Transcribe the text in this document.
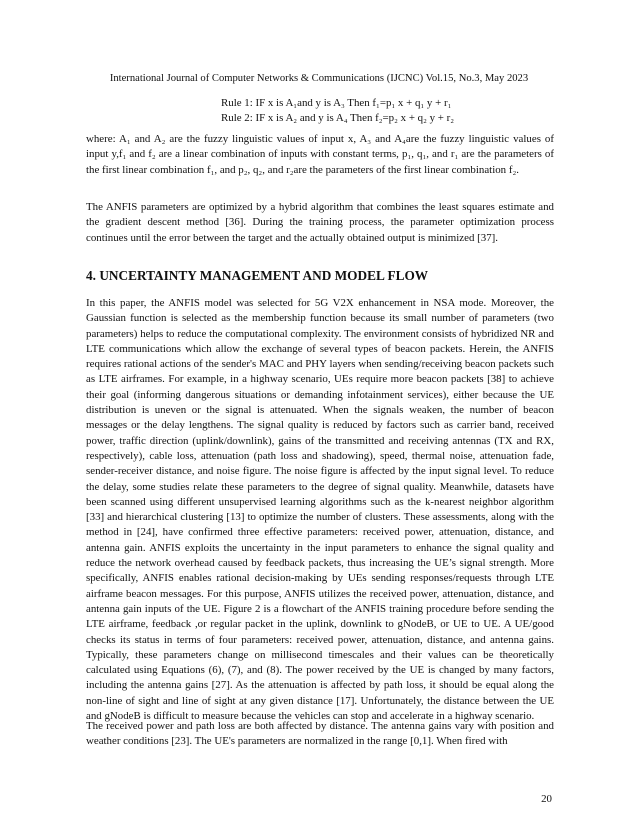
International Journal of Computer Networks & Communications (IJCNC) Vol.15, No.3, May 2023
Rule 1: IF x is A₁and y is A₃ Then f₁=p₁ x + q₁ y + r₁
Rule 2: IF x is A₂ and y is A₄ Then f₂=p₂ x + q₂ y + r₂

where: A₁ and A₂ are the fuzzy linguistic values of input x, A₃ and A₄are the fuzzy linguistic values of input y,f₁ and f₂ are a linear combination of inputs with constant terms, p₁, q₁, and r₁ are the parameters of the first linear combination f₁, and p₂, q₂, and r₂are the parameters of the first linear combination f₂.

The ANFIS parameters are optimized by a hybrid algorithm that combines the least squares estimate and the gradient descent method [36]. During the training process, the parameter optimization process continues until the error between the target and the actually obtained output is minimized [37].

4. UNCERTAINTY MANAGEMENT AND MODEL FLOW

In this paper, the ANFIS model was selected for 5G V2X enhancement in NSA mode. Moreover, the Gaussian function is selected as the membership function because its small number of parameters (two parameters) helps to reduce the computational complexity. The environment consists of hybridized NR and LTE communications which allow the exchange of several types of beacon packets. Herein, the ANFIS requires rational actions of the sender's MAC and PHY layers when sending/receiving beacon packets such as LTE airframes. For example, in a highway scenario, UEs require more beacon packets [38] to achieve their goal (informing dangerous situations or demanding infotainment services), either because the UE distribution is uneven or the signal is attenuated. When the signals weaken, the number of beacon messages or the delay lengthens. The signal quality is reduced by factors such as carrier band, received power, traffic direction (uplink/downlink), gains of the transmitted and receiving antennas (TX and RX, respectively), cable loss, attenuation (path loss and shadowing), speed, thermal noise, attenuation fade, sender-receiver distance, and noise figure. The noise figure is affected by the input signal level. To reduce the delay, some studies relate these parameters to the degree of signal quality. Meanwhile, datasets have been scanned using different unsupervised learning algorithms such as the k-nearest neighbor algorithm [33] and hierarchical clustering [13] to optimize the number of clusters. These assessments, along with the method in [24], have confirmed three effective parameters: received power, attenuation, distance, and antenna gain. ANFIS exploits the uncertainty in the input parameters to enhance the signal quality and reduce the network overhead caused by feedback packets, thus increasing the UE’s signal strength. More specifically, ANFIS enables rational decision-making by UEs sending responses/requests through LTE airframe beacon messages. For this purpose, ANFIS utilizes the received power, attenuation, distance, and antenna gain inputs of the UE. Figure 2 is a flowchart of the ANFIS training procedure before sending the LTE airframe, feedback ,or regular packet in the uplink, downlink to gNodeB, or UE to UE. A UE/good checks its status in terms of four parameters: received power, attenuation, distance, and antenna gains. Typically, these parameters change on millisecond timescales and their values can be theoretically calculated using Equations (6), (7), and (8). The power received by the UE is changed by many factors, including the antenna gains [27]. As the attenuation is affected by path loss, it should be equal along the non-line of sight and line of sight at any given distance [17]. Unfortunately, the distance between the UE and gNodeB is difficult to measure because the vehicles can stop and accelerate in a highway scenario.

The received power and path loss are both affected by distance. The antenna gains vary with position and weather conditions [23]. The UE's parameters are normalized in the range [0,1]. When fired with

20
